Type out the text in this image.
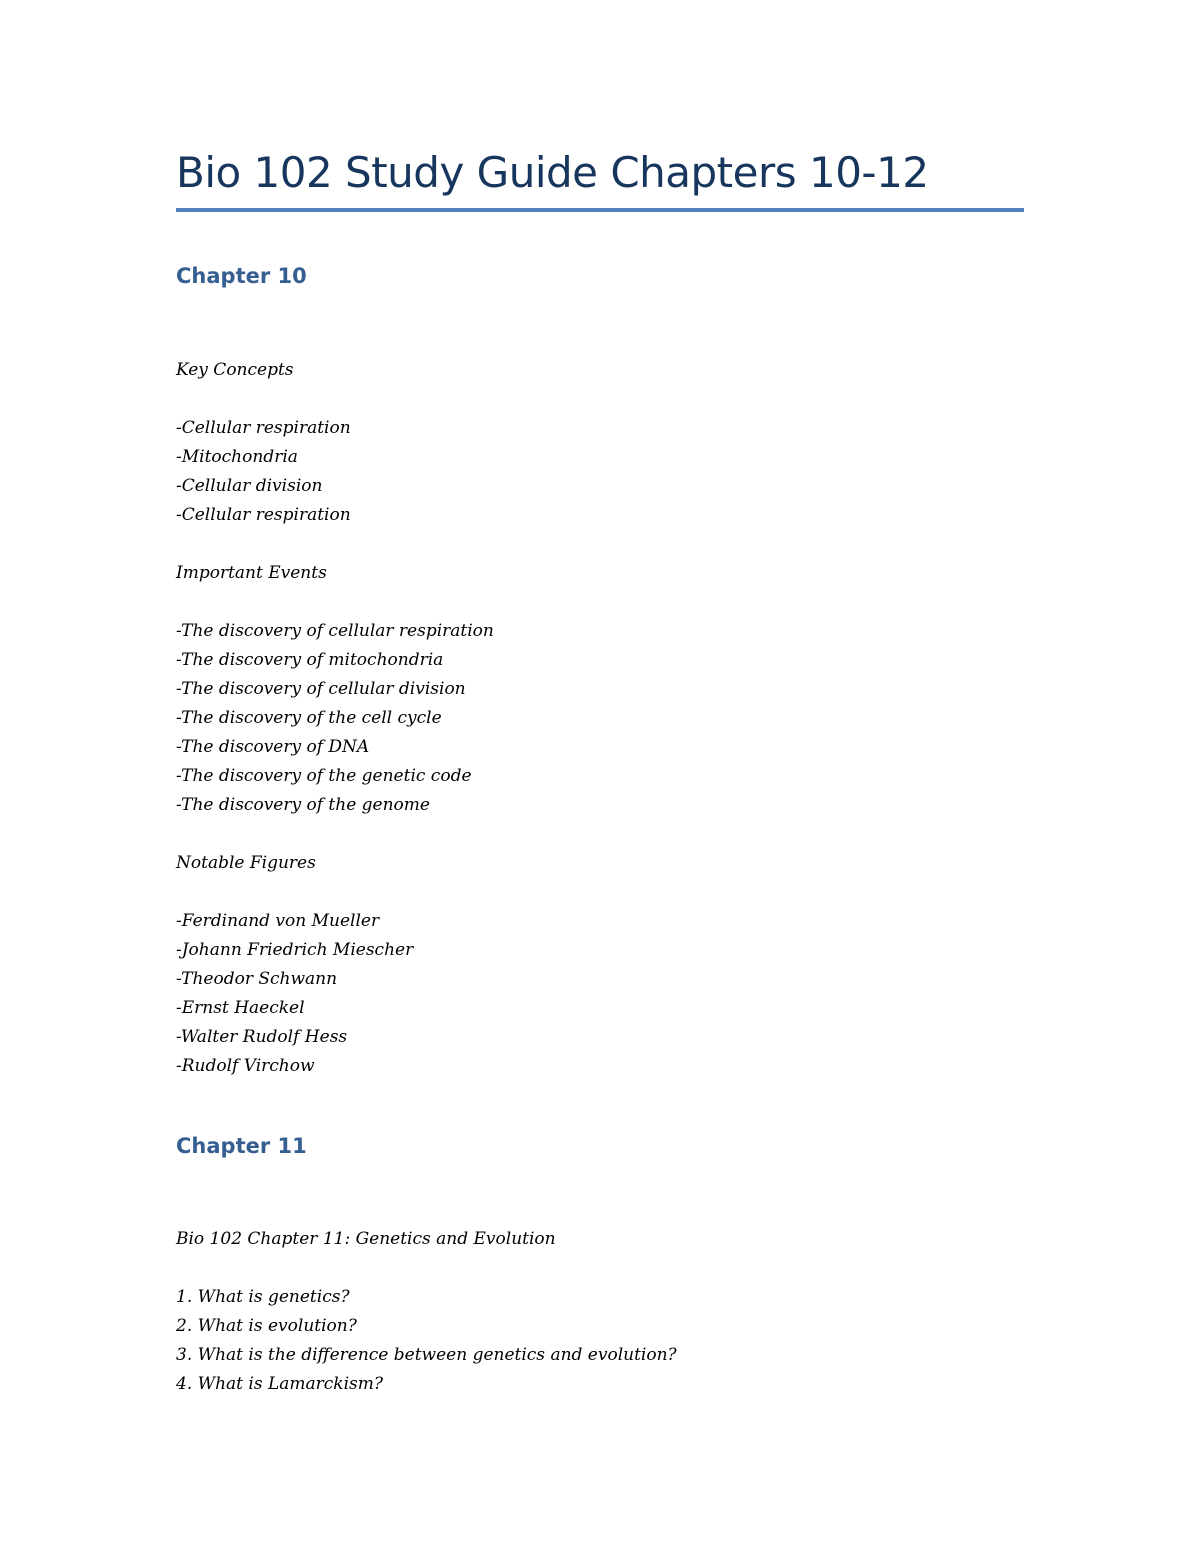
Bio 102 Study Guide Chapters 10-12
Chapter 10

Key Concepts

-Cellular respiration

-Mitochondria

-Cellular division

-Cellular respiration

Important Events

-The discovery of cellular respiration

-The discovery of mitochondria

-The discovery of cellular division

-The discovery of the cell cycle

-The discovery of DNA

-The discovery of the genetic code

-The discovery of the genome

Notable Figures

-Ferdinand von Mueller

-Johann Friedrich Miescher

-Theodor Schwann

-Ernst Haeckel

-Walter Rudolf Hess

-Rudolf Virchow

Chapter 11

Bio 102 Chapter 11: Genetics and Evolution

1. What is genetics?

2. What is evolution?

3. What is the difference between genetics and evolution?

4. What is Lamarckism?
